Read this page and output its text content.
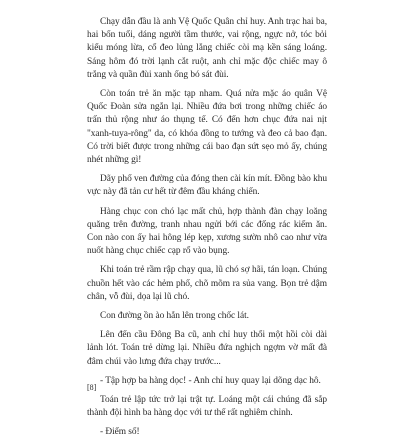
Chạy dẫn đầu là anh Vệ Quốc Quân chỉ huy. Anh trạc hai ba, hai bốn tuổi, dáng người tầm thước, vai rộng, ngực nở, tóc bỏi kiểu móng lừa, cổ đeo lủng lẳng chiếc còi mạ kền sáng loáng. Sáng hôm đó trời lạnh cắt ruột, anh chỉ mặc độc chiếc may ô trắng và quần đùi xanh ống bó sát đùi.

Còn toán trẻ ăn mặc tạp nham. Quá nửa mặc áo quân Vệ Quốc Đoàn sửa ngắn lại. Nhiều đứa bơi trong những chiếc áo trấn thủ rộng như áo thụng tế. Có đến hơn chục đứa nai nịt "xanh-tuya-rông" da, có khóa đồng to tướng và đeo cả bao đạn. Có trời biết được trong những cái bao đạn sứt sẹo mỏ ấy, chúng nhét những gì!

Dãy phố ven đường của đóng then cài kín mít. Đồng bào khu vực này đã tản cư hết từ đêm đầu kháng chiến.

Hàng chục con chó lạc mất chủ, hợp thành đàn chạy loăng quăng trên đường, tranh nhau ngửi bới các đống rác kiếm ăn. Con nào con ấy hai hông lép kẹp, xương sườn nhô cao như vừa nuốt hàng chục chiếc cạp rổ vào bụng.

Khi toán trẻ rầm rập chạy qua, lũ chó sợ hãi, tán loạn. Chúng chuồn hết vào các hẻm phố, chõ mõm ra sủa vang. Bọn trẻ dậm chân, vỗ đùi, dọa lại lũ chó.

Con đường ồn ào hẳn lên trong chốc lát.

Lên đến cầu Đông Ba cũ, anh chỉ huy thổi một hồi còi dài lảnh lót. Toán trẻ dừng lại. Nhiều đứa nghịch ngợm vờ mất đà đâm chúi vào lưng đứa chạy trước...

- Tập hợp ba hàng dọc! - Anh chỉ huy quay lại dõng dạc hô.

Toán trẻ lập tức trở lại trật tự. Loáng một cái chúng đã sắp thành đội hình ba hàng dọc với tư thế rất nghiêm chỉnh.

- Điểm số!

[8]
